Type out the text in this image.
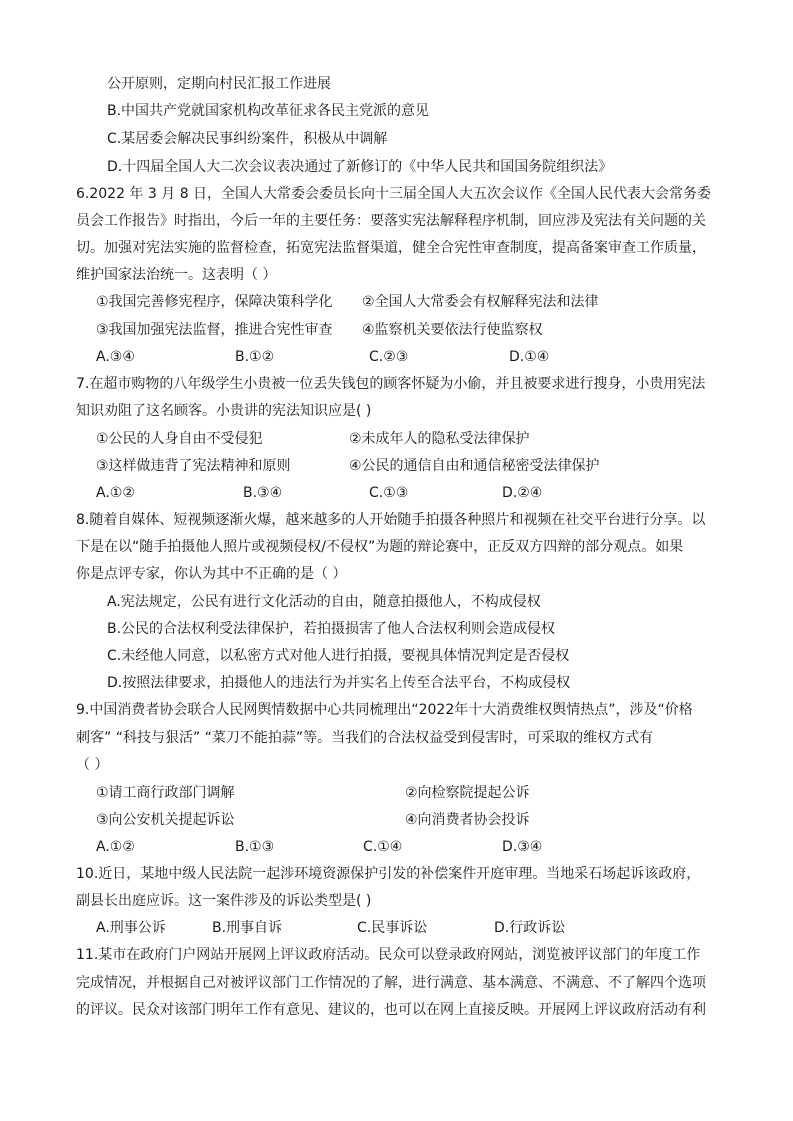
公开原则，定期向村民汇报工作进展
B.中国共产党就国家机构改革征求各民主党派的意见
C.某居委会解决民事纠纷案件，积极从中调解
D.十四届全国人大二次会议表决通过了新修订的《中华人民共和国国务院组织法》
6.2022 年 3 月 8 日，全国人大常委会委员长向十三届全国人大五次会议作《全国人民代表大会常务委
员会工作报告》时指出，今后一年的主要任务：要落实宪法解释程序机制，回应涉及宪法有关问题的关
切。加强对宪法实施的监督检查，拓宽宪法监督渠道，健全合宪性审查制度，提高备案审查工作质量，
维护国家法治统一。这表明（ ）
①我国完善修宪程序，保障决策科学化 ②全国人大常委会有权解释宪法和法律
③我国加强宪法监督，推进合宪性审查 ④监察机关要依法行使监察权
A.③④	B.①②	C.②③	D.①④
7.在超市购物的八年级学生小贵被一位丢失钱包的顾客怀疑为小偷，并且被要求进行搜身，小贵用宪法
知识劝阻了这名顾客。小贵讲的宪法知识应是( )
①公民的人身自由不受侵犯	②未成年人的隐私受法律保护
③这样做违背了宪法精神和原则	④公民的通信自由和通信秘密受法律保护
A.①②	B.③④	C.①③	D.②④
8.随着自媒体、短视频逐渐火爆，越来越多的人开始随手拍摄各种照片和视频在社交平台进行分享。以
下是在以“随手拍摄他人照片或视频侵权/不侵权”为题的辩论赛中，正反双方四辩的部分观点。如果
你是点评专家，你认为其中不正确的是（ ）
A.宪法规定，公民有进行文化活动的自由，随意拍摄他人，不构成侵权
B.公民的合法权利受法律保护，若拍摄损害了他人合法权利则会造成侵权
C.未经他人同意，以私密方式对他人进行拍摄，要视具体情况判定是否侵权
D.按照法律要求，拍摄他人的违法行为并实名上传至合法平台，不构成侵权
9.中国消费者协会联合人民网舆情数据中心共同梳理出“2022年十大消费维权舆情热点”，涉及“价格
刺客” “科技与狠活” “菜刀不能拍蒜”等。当我们的合法权益受到侵害时，可采取的维权方式有
（ ）
①请工商行政部门调解	②向检察院提起公诉
③向公安机关提起诉讼	④向消费者协会投诉
A.①②	B.①③	C.①④	D.③④
10.近日，某地中级人民法院一起涉环境资源保护引发的补偿案件开庭审理。当地采石场起诉该政府，
副县长出庭应诉。这一案件涉及的诉讼类型是( )
A.刑事公诉	B.刑事自诉	C.民事诉讼	D.行政诉讼
11.某市在政府门户网站开展网上评议政府活动。民众可以登录政府网站，浏览被评议部门的年度工作
完成情况，并根据自己对被评议部门工作情况的了解，进行满意、基本满意、不满意、不了解四个选项
的评议。民众对该部门明年工作有意见、建议的，也可以在网上直接反映。开展网上评议政府活动有利
